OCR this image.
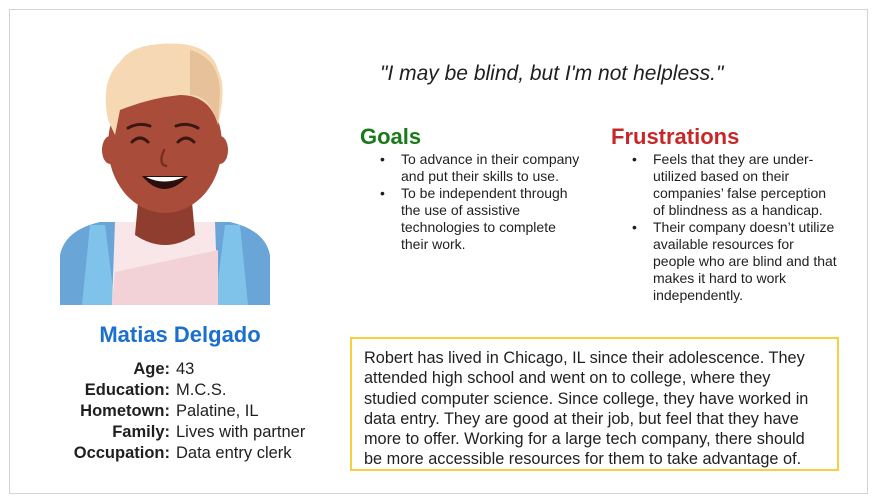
Matias Delgado
Age: 43
Education: M.C.S.
Hometown: Palatine, IL
Family: Lives with partner
Occupation: Data entry clerk
"I may be blind, but I'm not helpless."
Goals
• To advance in their company and put their skills to use.
• To be independent through the use of assistive technologies to complete their work.
Frustrations
• Feels that they are under-utilized based on their companies’ false perception of blindness as a handicap.
• Their company doesn’t utilize available resources for people who are blind and that makes it hard to work independently.
Robert has lived in Chicago, IL since their adolescence. They attended high school and went on to college, where they studied computer science. Since college, they have worked in data entry. They are good at their job, but feel that they have more to offer. Working for a large tech company, there should be more accessible resources for them to take advantage of.
